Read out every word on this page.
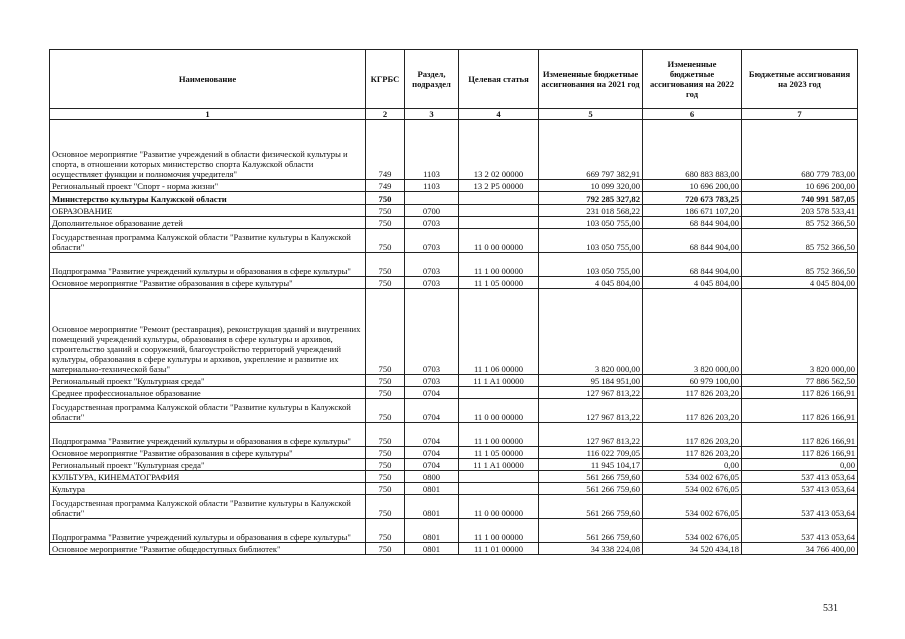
Наименование	КГРБС	Раздел, подраздел	Целевая статья	Измененные бюджетные ассигнования на 2021 год	Измененные бюджетные ассигнования на 2022 год	Бюджетные ассигнования на 2023 год
1	2	3	4	5	6	7
Основное мероприятие "Развитие учреждений в области физической культуры и спорта, в отношении которых министерство спорта Калужской области осуществляет функции и полномочия учредителя"	749	1103	13 2 02 00000	669 797 382,91	680 883 883,00	680 779 783,00
Региональный проект "Спорт - норма жизни"	749	1103	13 2 P5 00000	10 099 320,00	10 696 200,00	10 696 200,00
Министерство культуры Калужской области	750			792 285 327,82	720 673 783,25	740 991 587,05
ОБРАЗОВАНИЕ	750	0700		231 018 568,22	186 671 107,20	203 578 533,41
Дополнительное образование детей	750	0703		103 050 755,00	68 844 904,00	85 752 366,50
Государственная программа Калужской области "Развитие культуры в Калужской области"	750	0703	11 0 00 00000	103 050 755,00	68 844 904,00	85 752 366,50
Подпрограмма "Развитие учреждений культуры и образования в сфере культуры"	750	0703	11 1 00 00000	103 050 755,00	68 844 904,00	85 752 366,50
Основное мероприятие "Развитие образования в сфере культуры"	750	0703	11 1 05 00000	4 045 804,00	4 045 804,00	4 045 804,00
Основное мероприятие "Ремонт (реставрация), реконструкция зданий и внутренних помещений учреждений культуры, образования в сфере культуры и архивов, строительство зданий и сооружений, благоустройство территорий учреждений культуры, образования в сфере культуры и архивов, укрепление и развитие их материально-технической базы"	750	0703	11 1 06 00000	3 820 000,00	3 820 000,00	3 820 000,00
Региональный проект "Культурная среда"	750	0703	11 1 A1 00000	95 184 951,00	60 979 100,00	77 886 562,50
Среднее профессиональное образование	750	0704		127 967 813,22	117 826 203,20	117 826 166,91
Государственная программа Калужской области "Развитие культуры в Калужской области"	750	0704	11 0 00 00000	127 967 813,22	117 826 203,20	117 826 166,91
Подпрограмма "Развитие учреждений культуры и образования в сфере культуры"	750	0704	11 1 00 00000	127 967 813,22	117 826 203,20	117 826 166,91
Основное мероприятие "Развитие образования в сфере культуры"	750	0704	11 1 05 00000	116 022 709,05	117 826 203,20	117 826 166,91
Региональный проект "Культурная среда"	750	0704	11 1 A1 00000	11 945 104,17	0,00	0,00
КУЛЬТУРА, КИНЕМАТОГРАФИЯ	750	0800		561 266 759,60	534 002 676,05	537 413 053,64
Культура	750	0801		561 266 759,60	534 002 676,05	537 413 053,64
Государственная программа Калужской области "Развитие культуры в Калужской области"	750	0801	11 0 00 00000	561 266 759,60	534 002 676,05	537 413 053,64
Подпрограмма "Развитие учреждений культуры и образования в сфере культуры"	750	0801	11 1 00 00000	561 266 759,60	534 002 676,05	537 413 053,64
Основное мероприятие "Развитие общедоступных библиотек"	750	0801	11 1 01 00000	34 338 224,08	34 520 434,18	34 766 400,00
531
